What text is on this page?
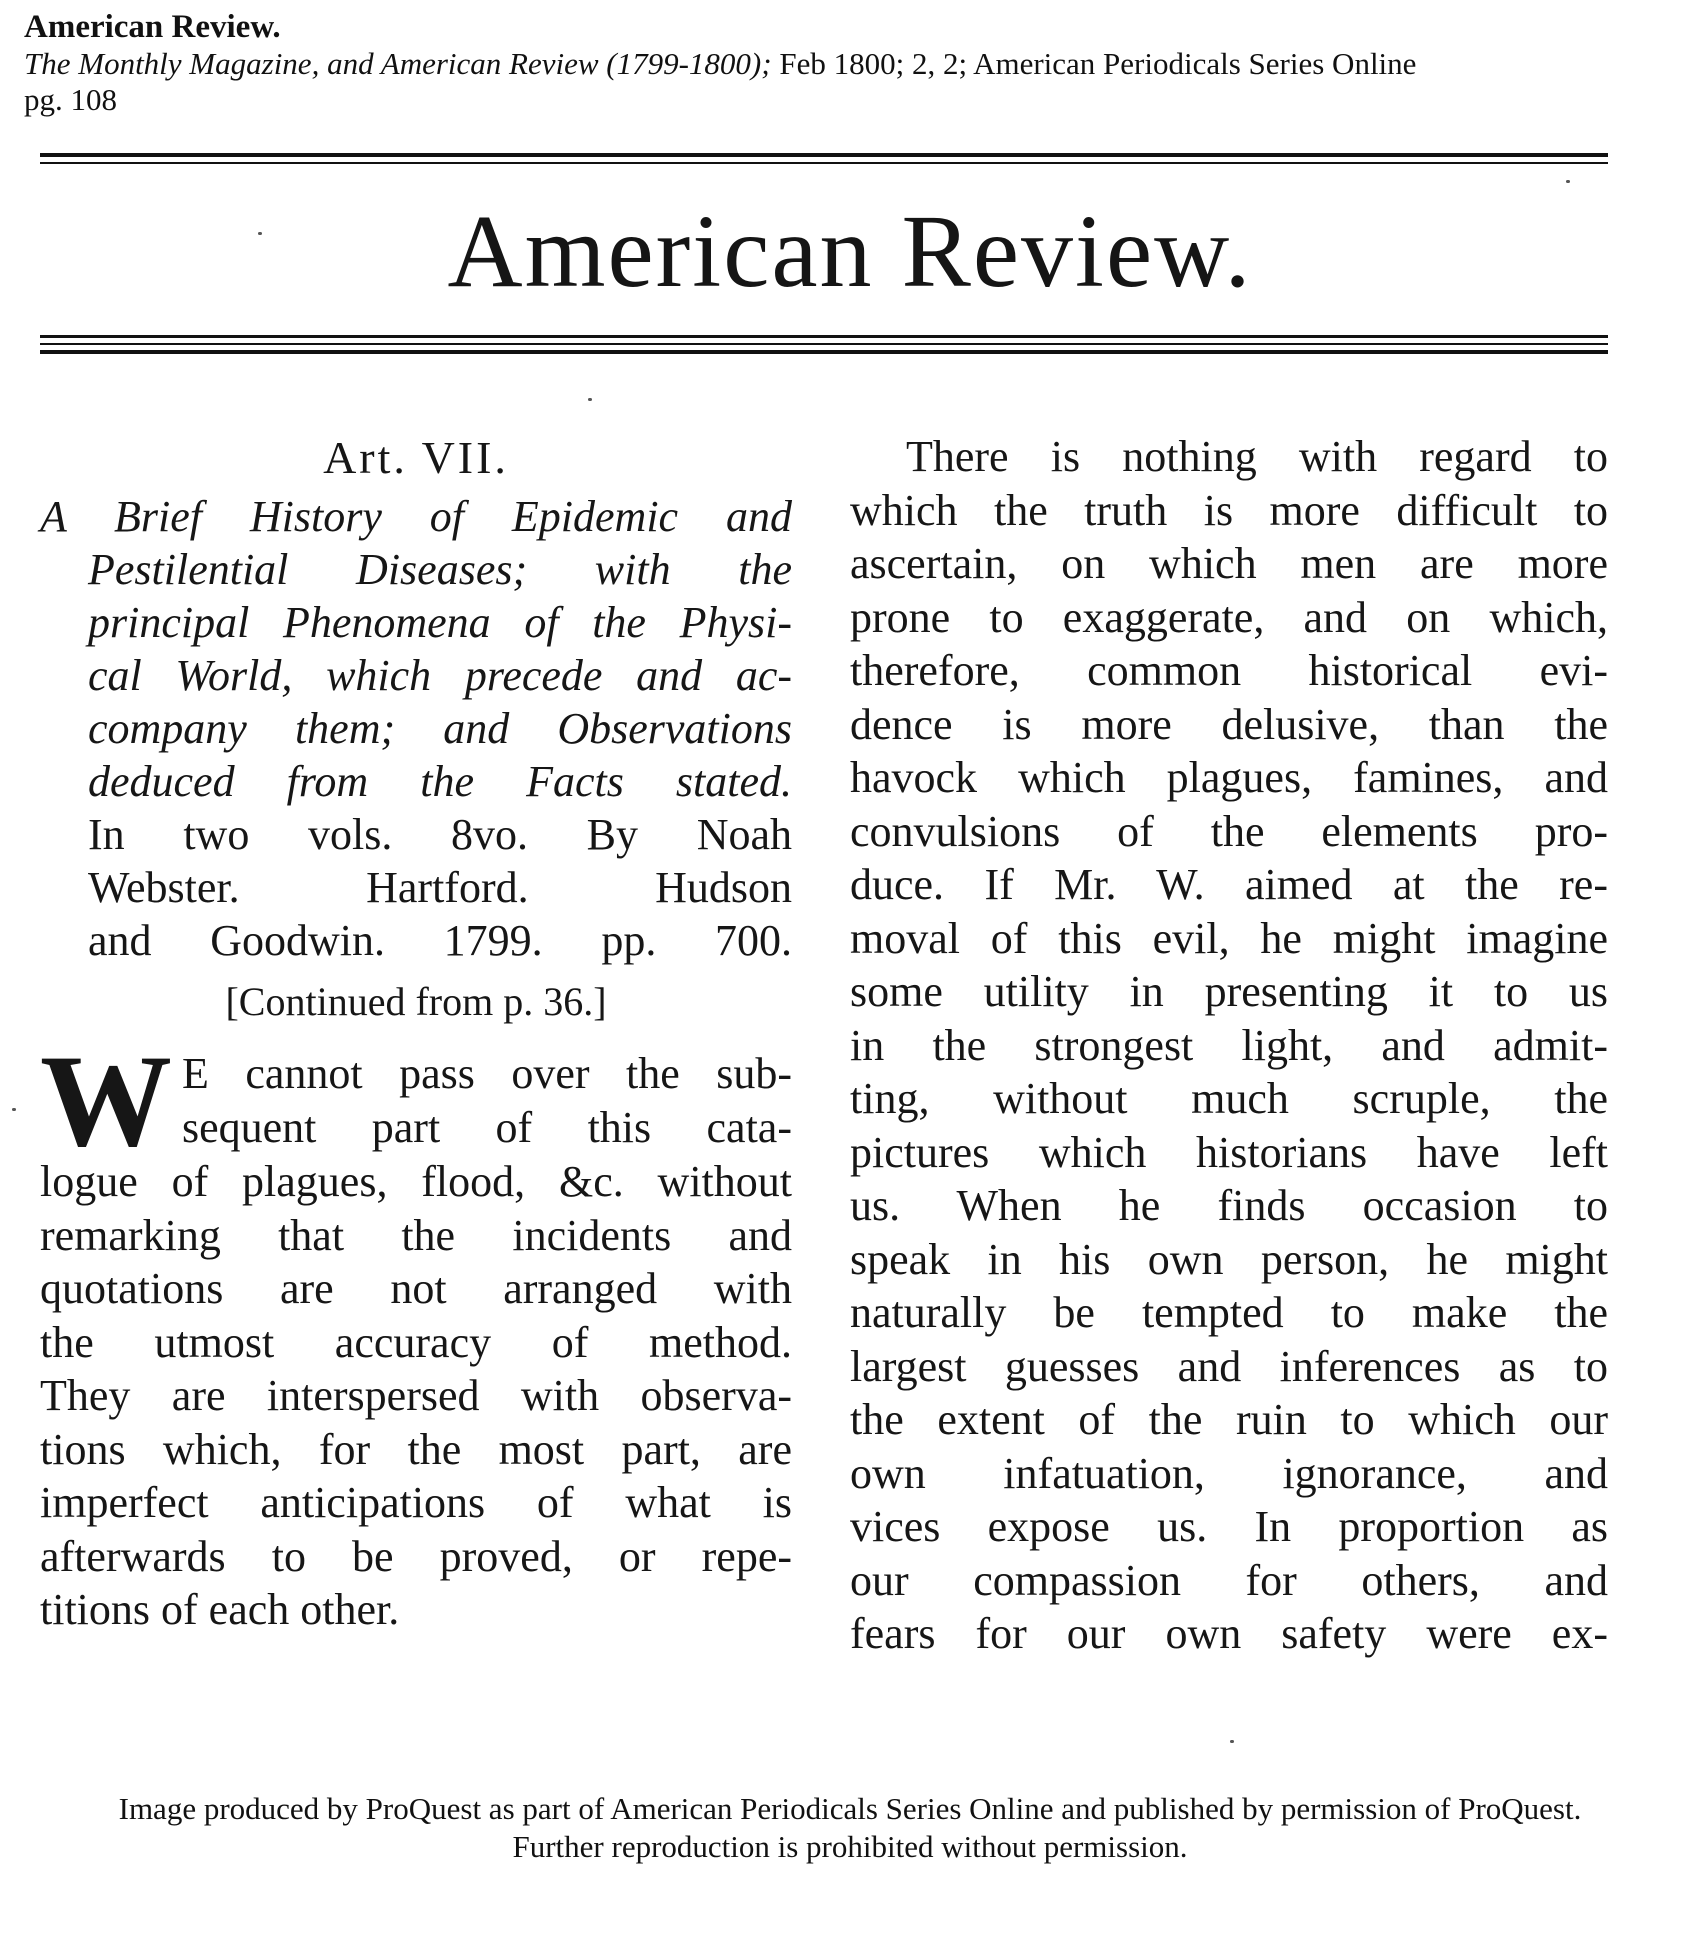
American Review.
The Monthly Magazine, and American Review (1799-1800); Feb 1800; 2, 2; American Periodicals Series Online
pg. 108
American Review.
Art. VII.
A Brief History of Epidemic and
Pestilential Diseases; with the
principal Phenomena of the Physi-
cal World, which precede and ac-
company them; and Observations
deduced from the Facts stated.
In two vols. 8vo. By Noah
Webster. Hartford. Hudson
and Goodwin. 1799. pp. 700.
[Continued from p. 36.]
W E cannot pass over the sub-
sequent part of this cata-
logue of plagues, flood, &c. without
remarking that the incidents and
quotations are not arranged with
the utmost accuracy of method.
They are interspersed with observa-
tions which, for the most part, are
imperfect anticipations of what is
afterwards to be proved, or repe-
titions of each other.
There is nothing with regard to
which the truth is more difficult to
ascertain, on which men are more
prone to exaggerate, and on which,
therefore, common historical evi-
dence is more delusive, than the
havock which plagues, famines, and
convulsions of the elements pro-
duce. If Mr. W. aimed at the re-
moval of this evil, he might imagine
some utility in presenting it to us
in the strongest light, and admit-
ting, without much scruple, the
pictures which historians have left
us. When he finds occasion to
speak in his own person, he might
naturally be tempted to make the
largest guesses and inferences as to
the extent of the ruin to which our
own infatuation, ignorance, and
vices expose us. In proportion as
our compassion for others, and
fears for our own safety were ex-
Image produced by ProQuest as part of American Periodicals Series Online and published by permission of ProQuest.
Further reproduction is prohibited without permission.
